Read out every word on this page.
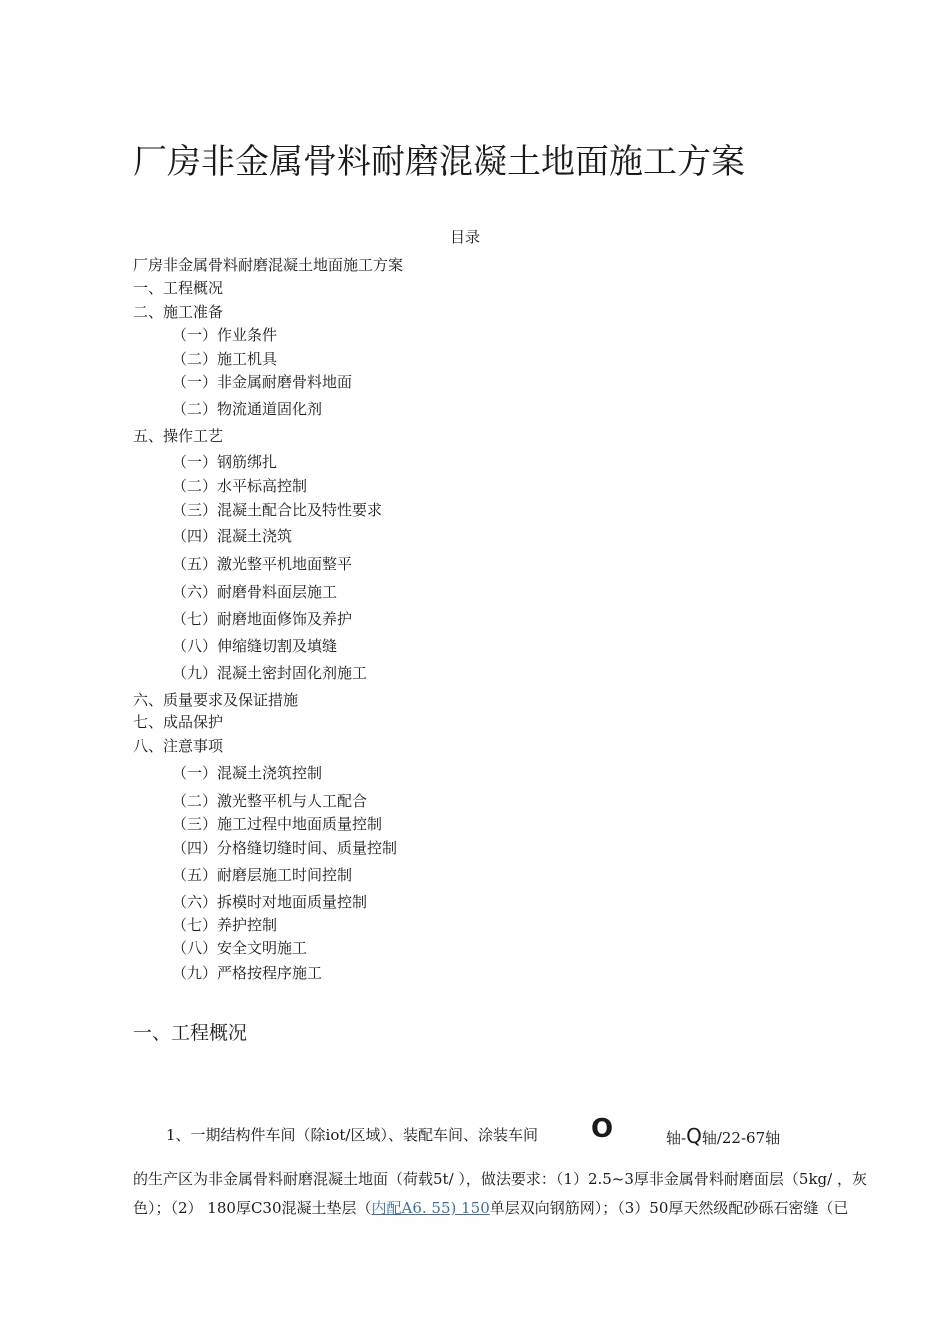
厂房非金属骨料耐磨混凝土地面施工方案
目录
厂房非金属骨料耐磨混凝土地面施工方案
一、工程概况
二、施工准备
（一）作业条件
（二）施工机具
（一）非金属耐磨骨料地面
（二）物流通道固化剂
五、操作工艺
（一）钢筋绑扎
（二）水平标高控制
（三）混凝土配合比及特性要求
（四）混凝土浇筑
（五）激光整平机地面整平
（六）耐磨骨料面层施工
（七）耐磨地面修饰及养护
（八）伸缩缝切割及填缝
（九）混凝土密封固化剂施工
六、质量要求及保证措施
七、成品保护
八、注意事项
（一）混凝土浇筑控制
（二）激光整平机与人工配合
（三）施工过程中地面质量控制
（四）分格缝切缝时间、质量控制
（五）耐磨层施工时间控制
（六）拆模时对地面质量控制
（七）养护控制
（八）安全文明施工
（九）严格按程序施工
一、工程概况
1、一期结构件车间（除iot/区域）、装配车间、涂装车间 O	轴-Q轴/22-67轴
的生产区为非金属骨料耐磨混凝土地面（荷载5t/ ），做法要求：（1）2.5~3厚非金属骨料耐磨面层（5kg/ ，灰
色）；（2） 180厚C30混凝土垫层（内配A6. 55) 150单层双向钢筋网）；（3）50厚天然级配砂砾石密缝（已
